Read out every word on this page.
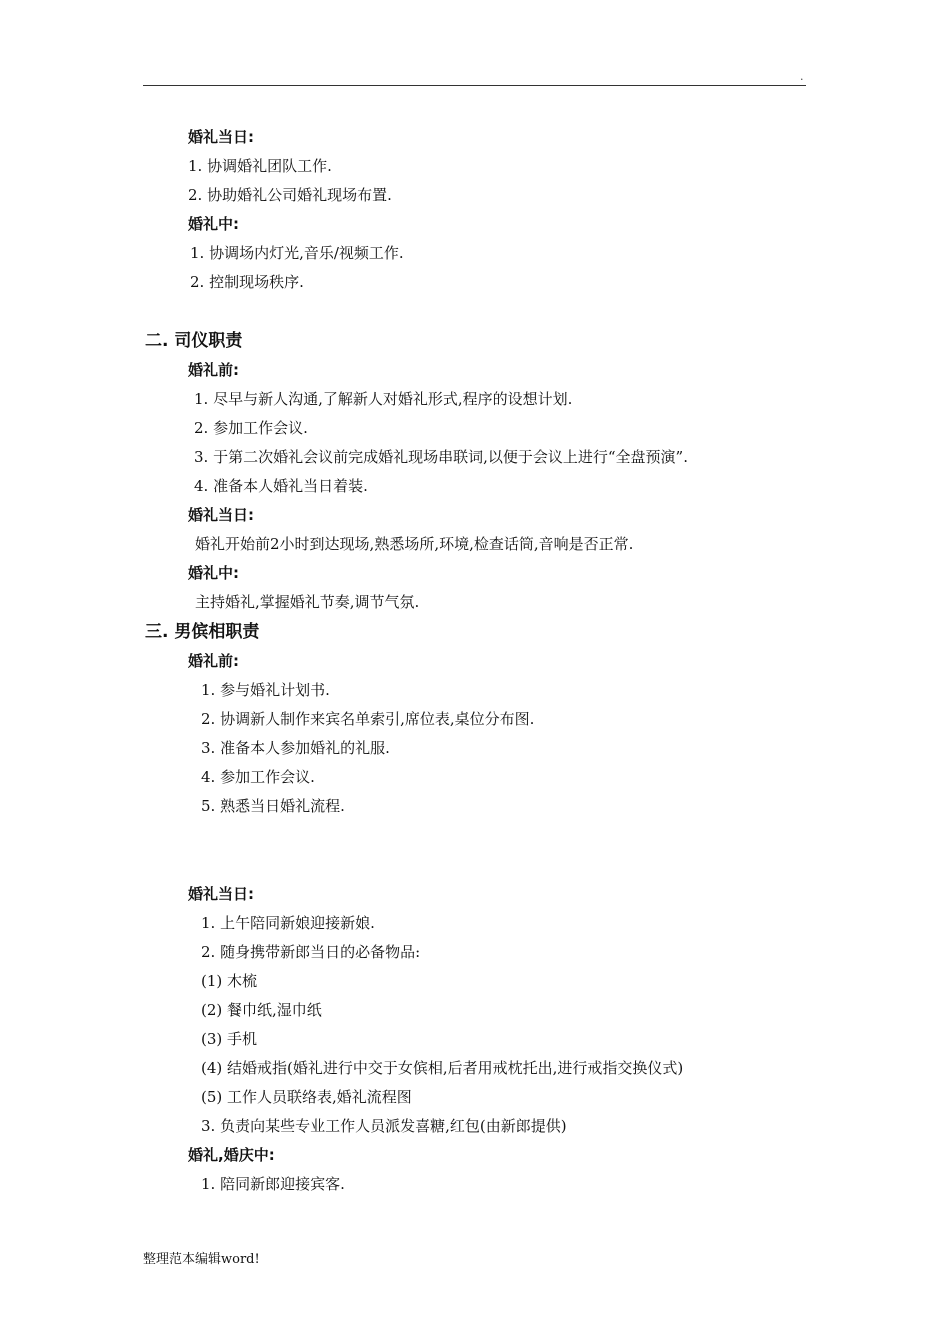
.
婚礼当日:
1. 协调婚礼团队工作.
2. 协助婚礼公司婚礼现场布置.
婚礼中:
1. 协调场内灯光,音乐/视频工作.
2. 控制现场秩序.
二. 司仪职责
婚礼前:
1. 尽早与新人沟通,了解新人对婚礼形式,程序的设想计划.
2. 参加工作会议.
3. 于第二次婚礼会议前完成婚礼现场串联词,以便于会议上进行“全盘预演”.
4. 准备本人婚礼当日着装.
婚礼当日:
婚礼开始前2小时到达现场,熟悉场所,环境,检查话筒,音响是否正常.
婚礼中:
主持婚礼,掌握婚礼节奏,调节气氛.
三. 男傧相职责
婚礼前:
1. 参与婚礼计划书.
2. 协调新人制作来宾名单索引,席位表,桌位分布图.
3. 准备本人参加婚礼的礼服.
4. 参加工作会议.
5. 熟悉当日婚礼流程.
婚礼当日:
1. 上午陪同新娘迎接新娘.
2. 随身携带新郎当日的必备物品:
(1) 木梳
(2) 餐巾纸,湿巾纸
(3) 手机
(4) 结婚戒指(婚礼进行中交于女傧相,后者用戒枕托出,进行戒指交换仪式)
(5) 工作人员联络表,婚礼流程图
3. 负责向某些专业工作人员派发喜糖,红包(由新郎提供)
婚礼,婚庆中:
1. 陪同新郎迎接宾客.
整理范本编辑word!
